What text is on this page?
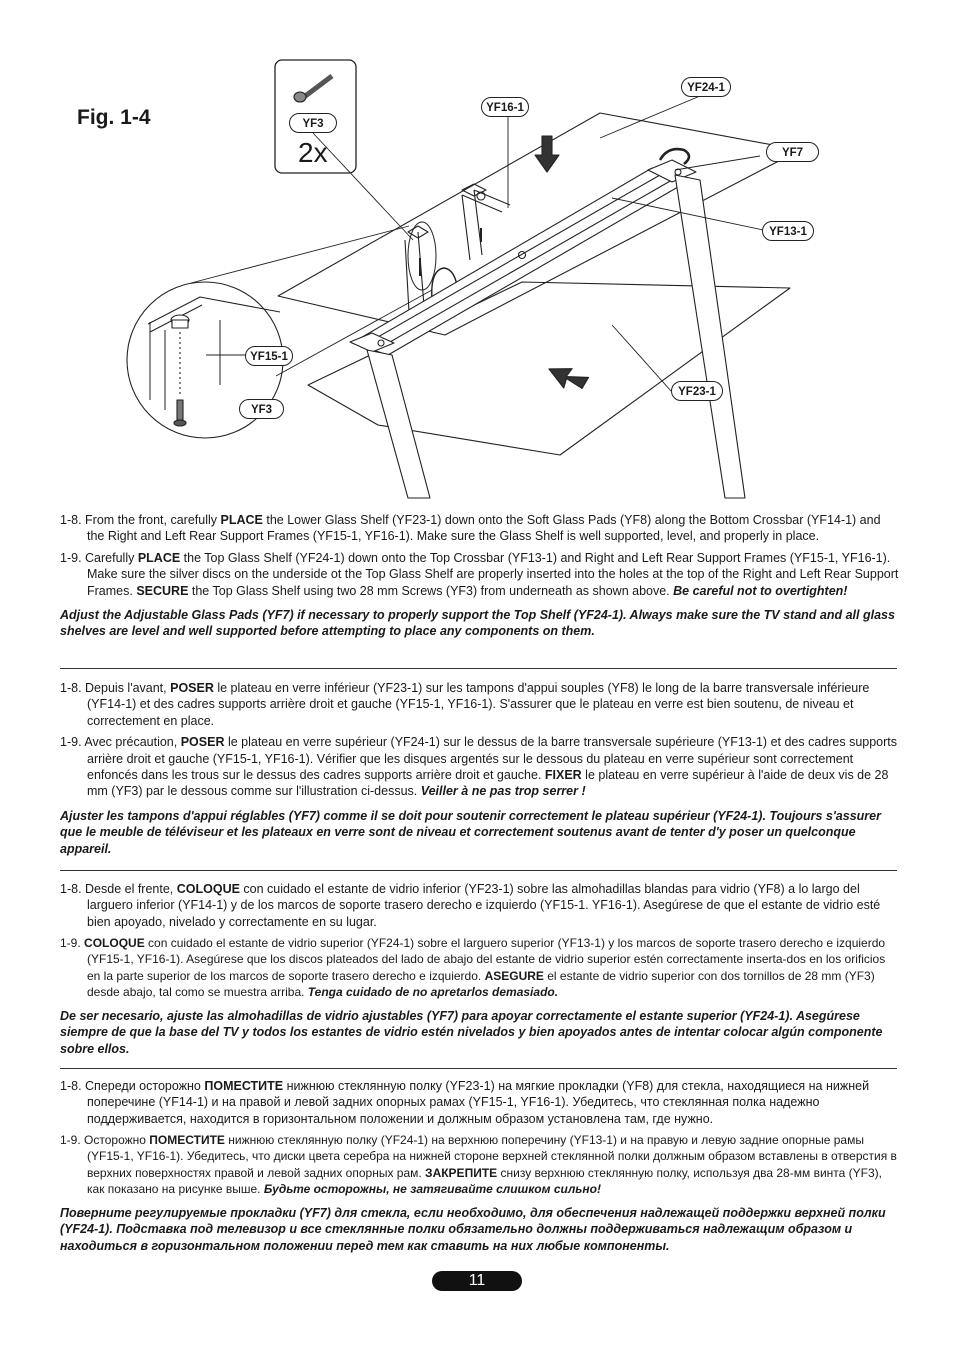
Fig. 1-4	YF3
2x
YF24-1
YF16-1
YF7
YF13-1
YF15-1
YF3
YF23-1

1-8. From the front, carefully PLACE the Lower Glass Shelf (YF23-1) down onto the Soft Glass Pads (YF8) along the Bottom Crossbar (YF14-1) and the Right and Left Rear Support Frames (YF15-1, YF16-1). Make sure the Glass Shelf is well supported, level, and properly in place.

1-9. Carefully PLACE the Top Glass Shelf (YF24-1) down onto the Top Crossbar (YF13-1) and Right and Left Rear Support Frames (YF15-1, YF16-1). Make sure the silver discs on the underside ot the Top Glass Shelf are properly inserted into the holes at the top of the Right and Left Rear Support Frames. SECURE the Top Glass Shelf using two 28 mm Screws (YF3) from underneath as shown above. Be careful not to overtighten!

Adjust the Adjustable Glass Pads (YF7) if necessary to properly support the Top Shelf (YF24-1). Always make sure the TV stand and all glass shelves are level and well supported before attempting to place any components on them.

1-8. Depuis l'avant, POSER le plateau en verre inférieur (YF23-1) sur les tampons d'appui souples (YF8) le long de la barre transversale inférieure (YF14-1) et des cadres supports arrière droit et gauche (YF15-1, YF16-1). S'assurer que le plateau en verre est bien soutenu, de niveau et correctement en place.

1-9. Avec précaution, POSER le plateau en verre supérieur (YF24-1) sur le dessus de la barre transversale supérieure (YF13-1) et des cadres supports arrière droit et gauche (YF15-1, YF16-1). Vérifier que les disques argentés sur le dessous du plateau en verre supérieur sont correctement enfoncés dans les trous sur le dessus des cadres supports arrière droit et gauche. FIXER le plateau en verre supérieur à l'aide de deux vis de 28 mm (YF3) par le dessous comme sur l'illustration ci-dessus. Veiller à ne pas trop serrer !

Ajuster les tampons d'appui réglables (YF7) comme il se doit pour soutenir correctement le plateau supérieur (YF24-1). Toujours s'assurer que le meuble de téléviseur et les plateaux en verre sont de niveau et correctement soutenus avant de tenter d'y poser un quelconque appareil.

1-8. Desde el frente, COLOQUE con cuidado el estante de vidrio inferior (YF23-1) sobre las almohadillas blandas para vidrio (YF8) a lo largo del larguero inferior (YF14-1) y de los marcos de soporte trasero derecho e izquierdo (YF15-1. YF16-1). Asegúrese de que el estante de vidrio esté bien apoyado, nivelado y correctamente en su lugar.

1-9. COLOQUE con cuidado el estante de vidrio superior (YF24-1) sobre el larguero superior (YF13-1) y los marcos de soporte trasero derecho e izquierdo (YF15-1, YF16-1). Asegúrese que los discos plateados del lado de abajo del estante de vidrio superior estén correctamente inserta-dos en los orificios en la parte superior de los marcos de soporte trasero derecho e izquierdo. ASEGURE el estante de vidrio superior con dos tornillos de 28 mm (YF3) desde abajo, tal como se muestra arriba. Tenga cuidado de no apretarlos demasiado.

De ser necesario, ajuste las almohadillas de vidrio ajustables (YF7) para apoyar correctamente el estante superior (YF24-1). Asegúrese siempre de que la base del TV y todos los estantes de vidrio estén nivelados y bien apoyados antes de intentar colocar algún componente sobre ellos.

1-8. Спереди осторожно ПОМЕСТИТЕ нижнюю стеклянную полку (YF23-1) на мягкие прокладки (YF8) для стекла, находящиеся на нижней поперечине (YF14-1) и на правой и левой задних опорных рамах (YF15-1, YF16-1). Убедитесь, что стеклянная полка надежно поддерживается, находится в горизонтальном положении и должным образом установлена там, где нужно.

1-9. Осторожно ПОМЕСТИТЕ нижнюю стеклянную полку (YF24-1) на верхнюю поперечину (YF13-1) и на правую и левую задние опорные рамы (YF15-1, YF16-1). Убедитесь, что диски цвета серебра на нижней стороне верхней стеклянной полки должным образом вставлены в отверстия в верхних поверхностях правой и левой задних опорных рам. ЗАКРЕПИТЕ снизу верхнюю стеклянную полку, используя два 28-мм винта (YF3), как показано на рисунке выше. Будьте осторожны, не затягивайте слишком сильно!

Поверните регулируемые прокладки (YF7) для стекла, если необходимо, для обеспечения надлежащей поддержки верхней полки (YF24-1). Подставка под телевизор и все стеклянные полки обязательно должны поддерживаться надлежащим образом и находиться в горизонтальном положении перед тем как ставить на них любые компоненты.

11
